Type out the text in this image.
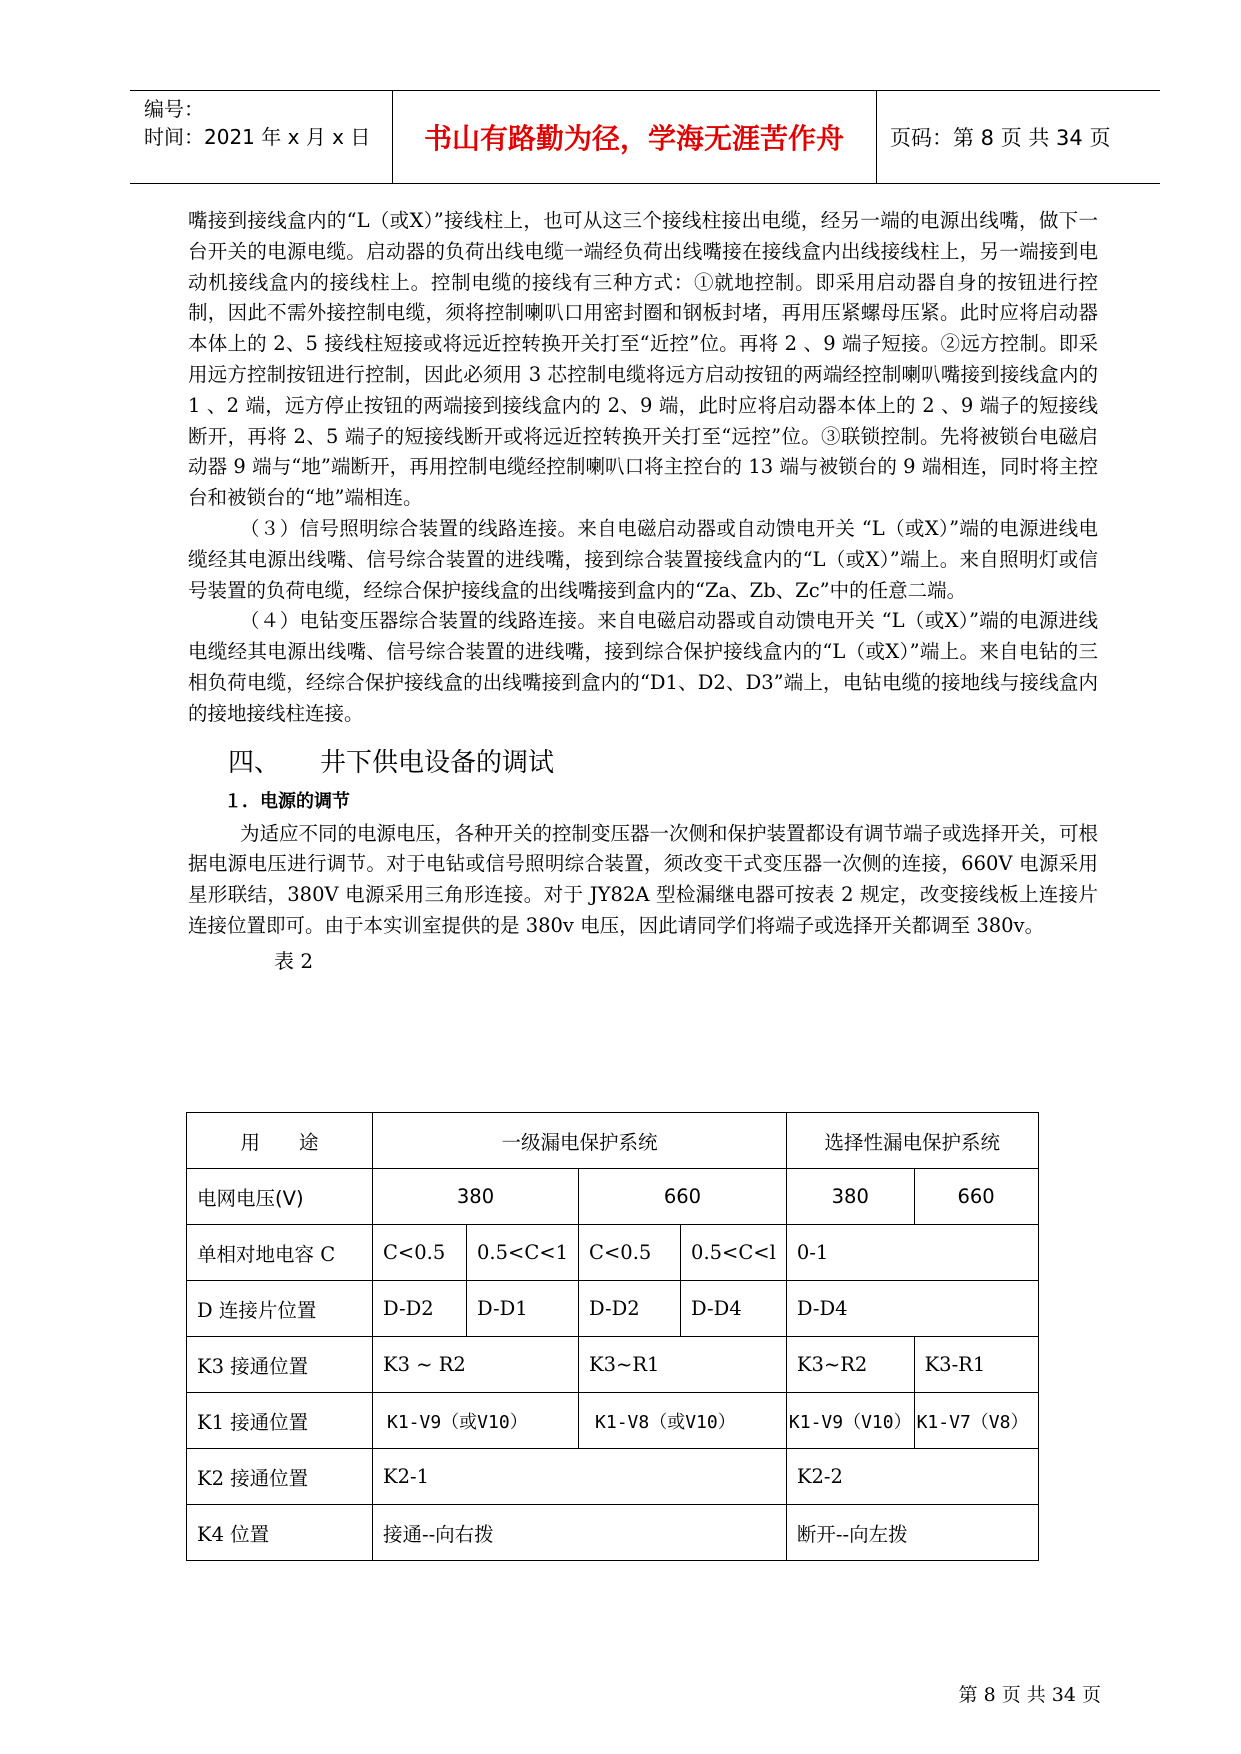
编号：
时间：2021 年 x 月 x 日	书山有路勤为径，学海无涯苦作舟	页码：第 8 页 共 34 页

嘴接到接线盒内的“L（或X）”接线柱上，也可从这三个接线柱接出电缆，经另一端的电源出线嘴，做下一台开关的电源电缆。启动器的负荷出线电缆一端经负荷出线嘴接在接线盒内出线接线柱上，另一端接到电动机接线盒内的接线柱上。控制电缆的接线有三种方式：①就地控制。即采用启动器自身的按钮进行控制，因此不需外接控制电缆，须将控制喇叭口用密封圈和钢板封堵，再用压紧螺母压紧。此时应将启动器本体上的 2、5 接线柱短接或将远近控转换开关打至“近控”位。再将 2 、9 端子短接。②远方控制。即采用远方控制按钮进行控制，因此必须用 3 芯控制电缆将远方启动按钮的两端经控制喇叭嘴接到接线盒内的 1 、2 端，远方停止按钮的两端接到接线盒内的 2、9 端，此时应将启动器本体上的 2 、9 端子的短接线断开，再将 2、5 端子的短接线断开或将远近控转换开关打至“远控”位。③联锁控制。先将被锁台电磁启动器 9 端与“地”端断开，再用控制电缆经控制喇叭口将主控台的 13 端与被锁台的 9 端相连，同时将主控台和被锁台的“地”端相连。

（３）信号照明综合装置的线路连接。来自电磁启动器或自动馈电开关 “L（或X）”端的电源进线电缆经其电源出线嘴、信号综合装置的进线嘴，接到综合装置接线盒内的“L（或X）”端上。来自照明灯或信号装置的负荷电缆，经综合保护接线盒的出线嘴接到盒内的“Za、Zb、Zc”中的任意二端。

（４）电钻变压器综合装置的线路连接。来自电磁启动器或自动馈电开关 “L（或X）”端的电源进线电缆经其电源出线嘴、信号综合装置的进线嘴，接到综合保护接线盒内的“L（或X）”端上。来自电钻的三相负荷电缆，经综合保护接线盒的出线嘴接到盒内的“D1、D2、D3”端上，电钻电缆的接地线与接线盒内的接地接线柱连接。

四、 井下供电设备的调试
１．电源的调节

为适应不同的电源电压，各种开关的控制变压器一次侧和保护装置都设有调节端子或选择开关，可根据电源电压进行调节。对于电钻或信号照明综合装置，须改变干式变压器一次侧的连接，660V 电源采用星形联结，380V 电源采用三角形连接。对于 JY82A 型检漏继电器可按表 2 规定，改变接线板上连接片连接位置即可。由于本实训室提供的是 380v 电压，因此请同学们将端子或选择开关都调至 380v。

表 2
用　　途	一级漏电保护系统				选择性漏电保护系统	
电网电压(V)	380		660		380	660
单相对地电容 C	C<0.5	0.5<C<1	C<0.5	0.5<C<l	0-1	
D 连接片位置	D-D2	D-D1	D-D2	D-D4	D-D4	
K3 接通位置	K3 ~ R2		K3~R1		K3~R2	K3-R1
K1 接通位置	K1-V9（或V10）		K1-V8（或V10）		K1-V9（V10）	K1-V7（V8）
K2 接通位置	K2-1				K2-2	
K4 位置	接通--向右拨				断开--向左拨	
第 8 页 共 34 页
